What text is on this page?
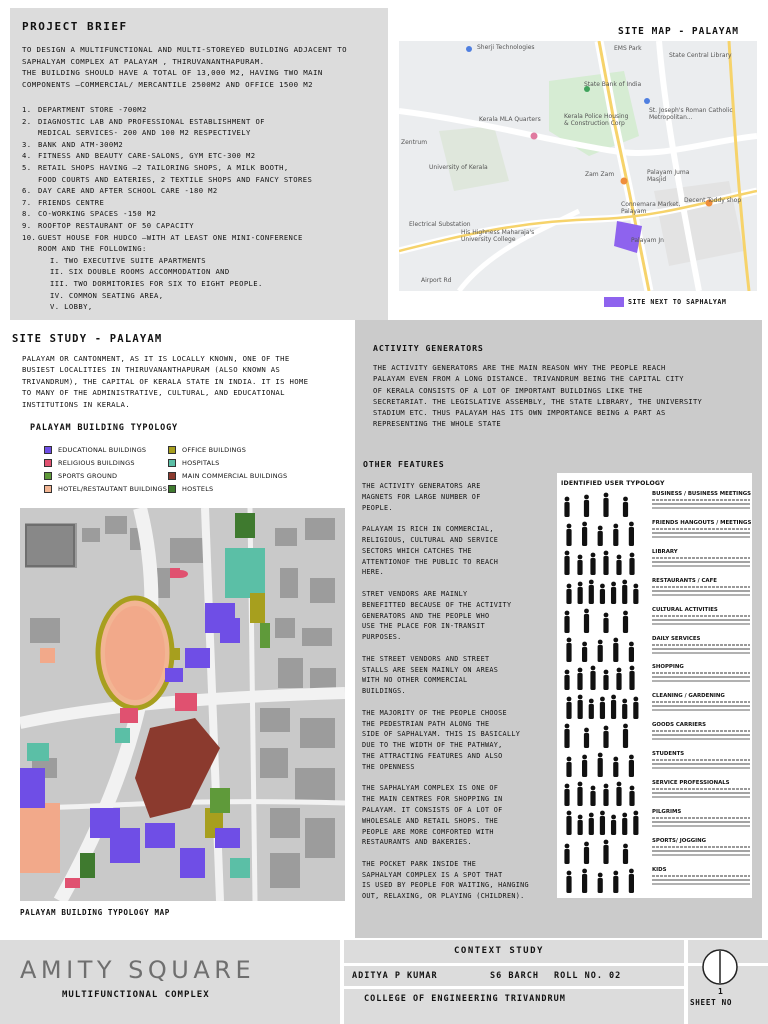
PROJECT BRIEF
TO DESIGN A MULTIFUNCTIONAL AND MULTI-STOREYED BUILDING ADJACENT TO
SAPHALYAM COMPLEX AT PALAYAM , THIRUVANANTHAPURAM.
THE BUILDING SHOULD HAVE A TOTAL OF 13,000 M2, HAVING TWO MAIN
COMPONENTS –COMMERCIAL/ MERCANTILE 2500M2 AND OFFICE 1500 M2
1. DEPARTMENT STORE -700M2
2. DIAGNOSTIC LAB AND PROFESSIONAL ESTABLISHMENT OF
MEDICAL SERVICES- 200 AND 100 M2 RESPECTIVELY
3. BANK AND ATM-300M2
4. FITNESS AND BEAUTY CARE-SALONS, GYM ETC-300 M2
5. RETAIL SHOPS HAVING –2 TAILORING SHOPS, A MILK BOOTH,
FOOD COURTS AND EATERIES, 2 TEXTILE SHOPS AND FANCY STORES
6. DAY CARE AND AFTER SCHOOL CARE -180 M2
7. FRIENDS CENTRE
8. CO-WORKING SPACES -150 M2
9. ROOFTOP RESTAURANT OF 50 CAPACITY
10. GUEST HOUSE FOR HUDCO –WITH AT LEAST ONE MINI-CONFERENCE
ROOM AND THE FOLLOWING:
I. TWO EXECUTIVE SUITE APARTMENTS
II. SIX DOUBLE ROOMS ACCOMMODATION AND
III. TWO DORMITORIES FOR SIX TO EIGHT PEOPLE.
IV. COMMON SEATING AREA,
V. LOBBY,
SITE MAP - PALAYAM
Sherji Technologies	EMS Park
State Central Library
State Bank of India
Kerala MLA Quarters	Kerala Police Housing & Construction Corp
St. Joseph's Roman Catholic Metropolitan...
Zentrum
University of Kerala
Zam Zam	Palayam Juma Masjid
Connemara Market, Palayam
Decent Toddy shop
Electrical Substation
His Highness Maharaja's University College
Airport Rd
Palayam Jn
SITE NEXT TO SAPHALYAM
SITE STUDY - PALAYAM
PALAYAM OR CANTONMENT, AS IT IS LOCALLY KNOWN, ONE OF THE
BUSIEST LOCALITIES IN THIRUVANANTHAPURAM (ALSO KNOWN AS
TRIVANDRUM), THE CAPITAL OF KERALA STATE IN INDIA. IT IS HOME
TO MANY OF THE ADMINISTRATIVE, CULTURAL, AND EDUCATIONAL
INSTITUTIONS IN KERALA.
PALAYAM BUILDING TYPOLOGY
EDUCATIONAL BUILDINGS
RELIGIOUS BUILDINGS
SPORTS GROUND
HOTEL/RESTAUTANT BUILDINGS
OFFICE BUILDINGS
HOSPITALS
MAIN COMMERCIAL BUILDINGS
HOSTELS
PALAYAM BUILDING TYPOLOGY MAP
ACTIVITY GENERATORS
THE ACTIVITY GENERATORS ARE THE MAIN REASON WHY THE PEOPLE REACH
PALAYAM EVEN FROM A LONG DISTANCE. TRIVANDRUM BEING THE CAPITAL CITY
OF KERALA CONSISTS OF A LOT OF IMPORTANT BUILDINGS LIKE THE
SECRETARIAT. THE LEGISLATIVE ASSEMBLY, THE STATE LIBRARY, THE UNIVERSITY
STADIUM ETC. THUS PALAYAM HAS ITS OWN IMPORTANCE BEING A PART AS
REPRESENTING THE WHOLE STATE
OTHER FEATURES

THE ACTIVITY GENERATORS ARE
MAGNETS FOR LARGE NUMBER OF
PEOPLE.

PALAYAM IS RICH IN COMMERCIAL,
RELIGIOUS, CULTURAL AND SERVICE
SECTORS WHICH CATCHES THE
ATTENTIONOF THE PUBLIC TO REACH
HERE.

STRET VENDORS ARE MAINLY
BENEFITTED BECAUSE OF THE ACTIVITY
GENERATORS AND THE PEOPLE WHO
USE THE PLACE FOR IN-TRANSIT
PURPOSES.

THE STREET VENDORS AND STREET
STALLS ARE SEEN MAINLY ON AREAS
WITH NO OTHER COMMERCIAL
BUILDINGS.

THE MAJORITY OF THE PEOPLE CHOOSE
THE PEDESTRIAN PATH ALONG THE
SIDE OF SAPHALYAM. THIS IS BASICALLY
DUE TO THE WIDTH OF THE PATHWAY,
THE ATTRACTING FEATURES AND ALSO
THE OPENNESS

THE SAPHALYAM COMPLEX IS ONE OF
THE MAIN CENTRES FOR SHOPPING IN
PALAYAM. IT CONSISTS OF A LOT OF
WHOLESALE AND RETAIL SHOPS. THE
PEOPLE ARE MORE COMFORTED WITH
RESTAURANTS AND BAKERIES.

THE POCKET PARK INSIDE THE
SAPHALYAM COMPLEX IS A SPOT THAT
IS USED BY PEOPLE FOR WAITING, HANGING
OUT, RELAXING, OR PLAYING (CHILDREN).

IDENTIFIED USER TYPOLOGY
BUSINESS / BUSINESS MEETINGS
FRIENDS HANGOUTS / MEETINGS
LIBRARY
RESTAURANTS / CAFE
CULTURAL ACTIVITIES
DAILY SERVICES
SHOPPING
CLEANING / GARDENING
GOODS CARRIERS
STUDENTS
SERVICE PROFESSIONALS
PILGRIMS
SPORTS/ JOGGING
KIDS
AMITY SQUARE
MULTIFUNCTIONAL COMPLEX
CONTEXT STUDY
ADITYA P KUMAR	S6 BARCH ROLL NO. 02
COLLEGE OF ENGINEERING TRIVANDRUM
1
SHEET NO
